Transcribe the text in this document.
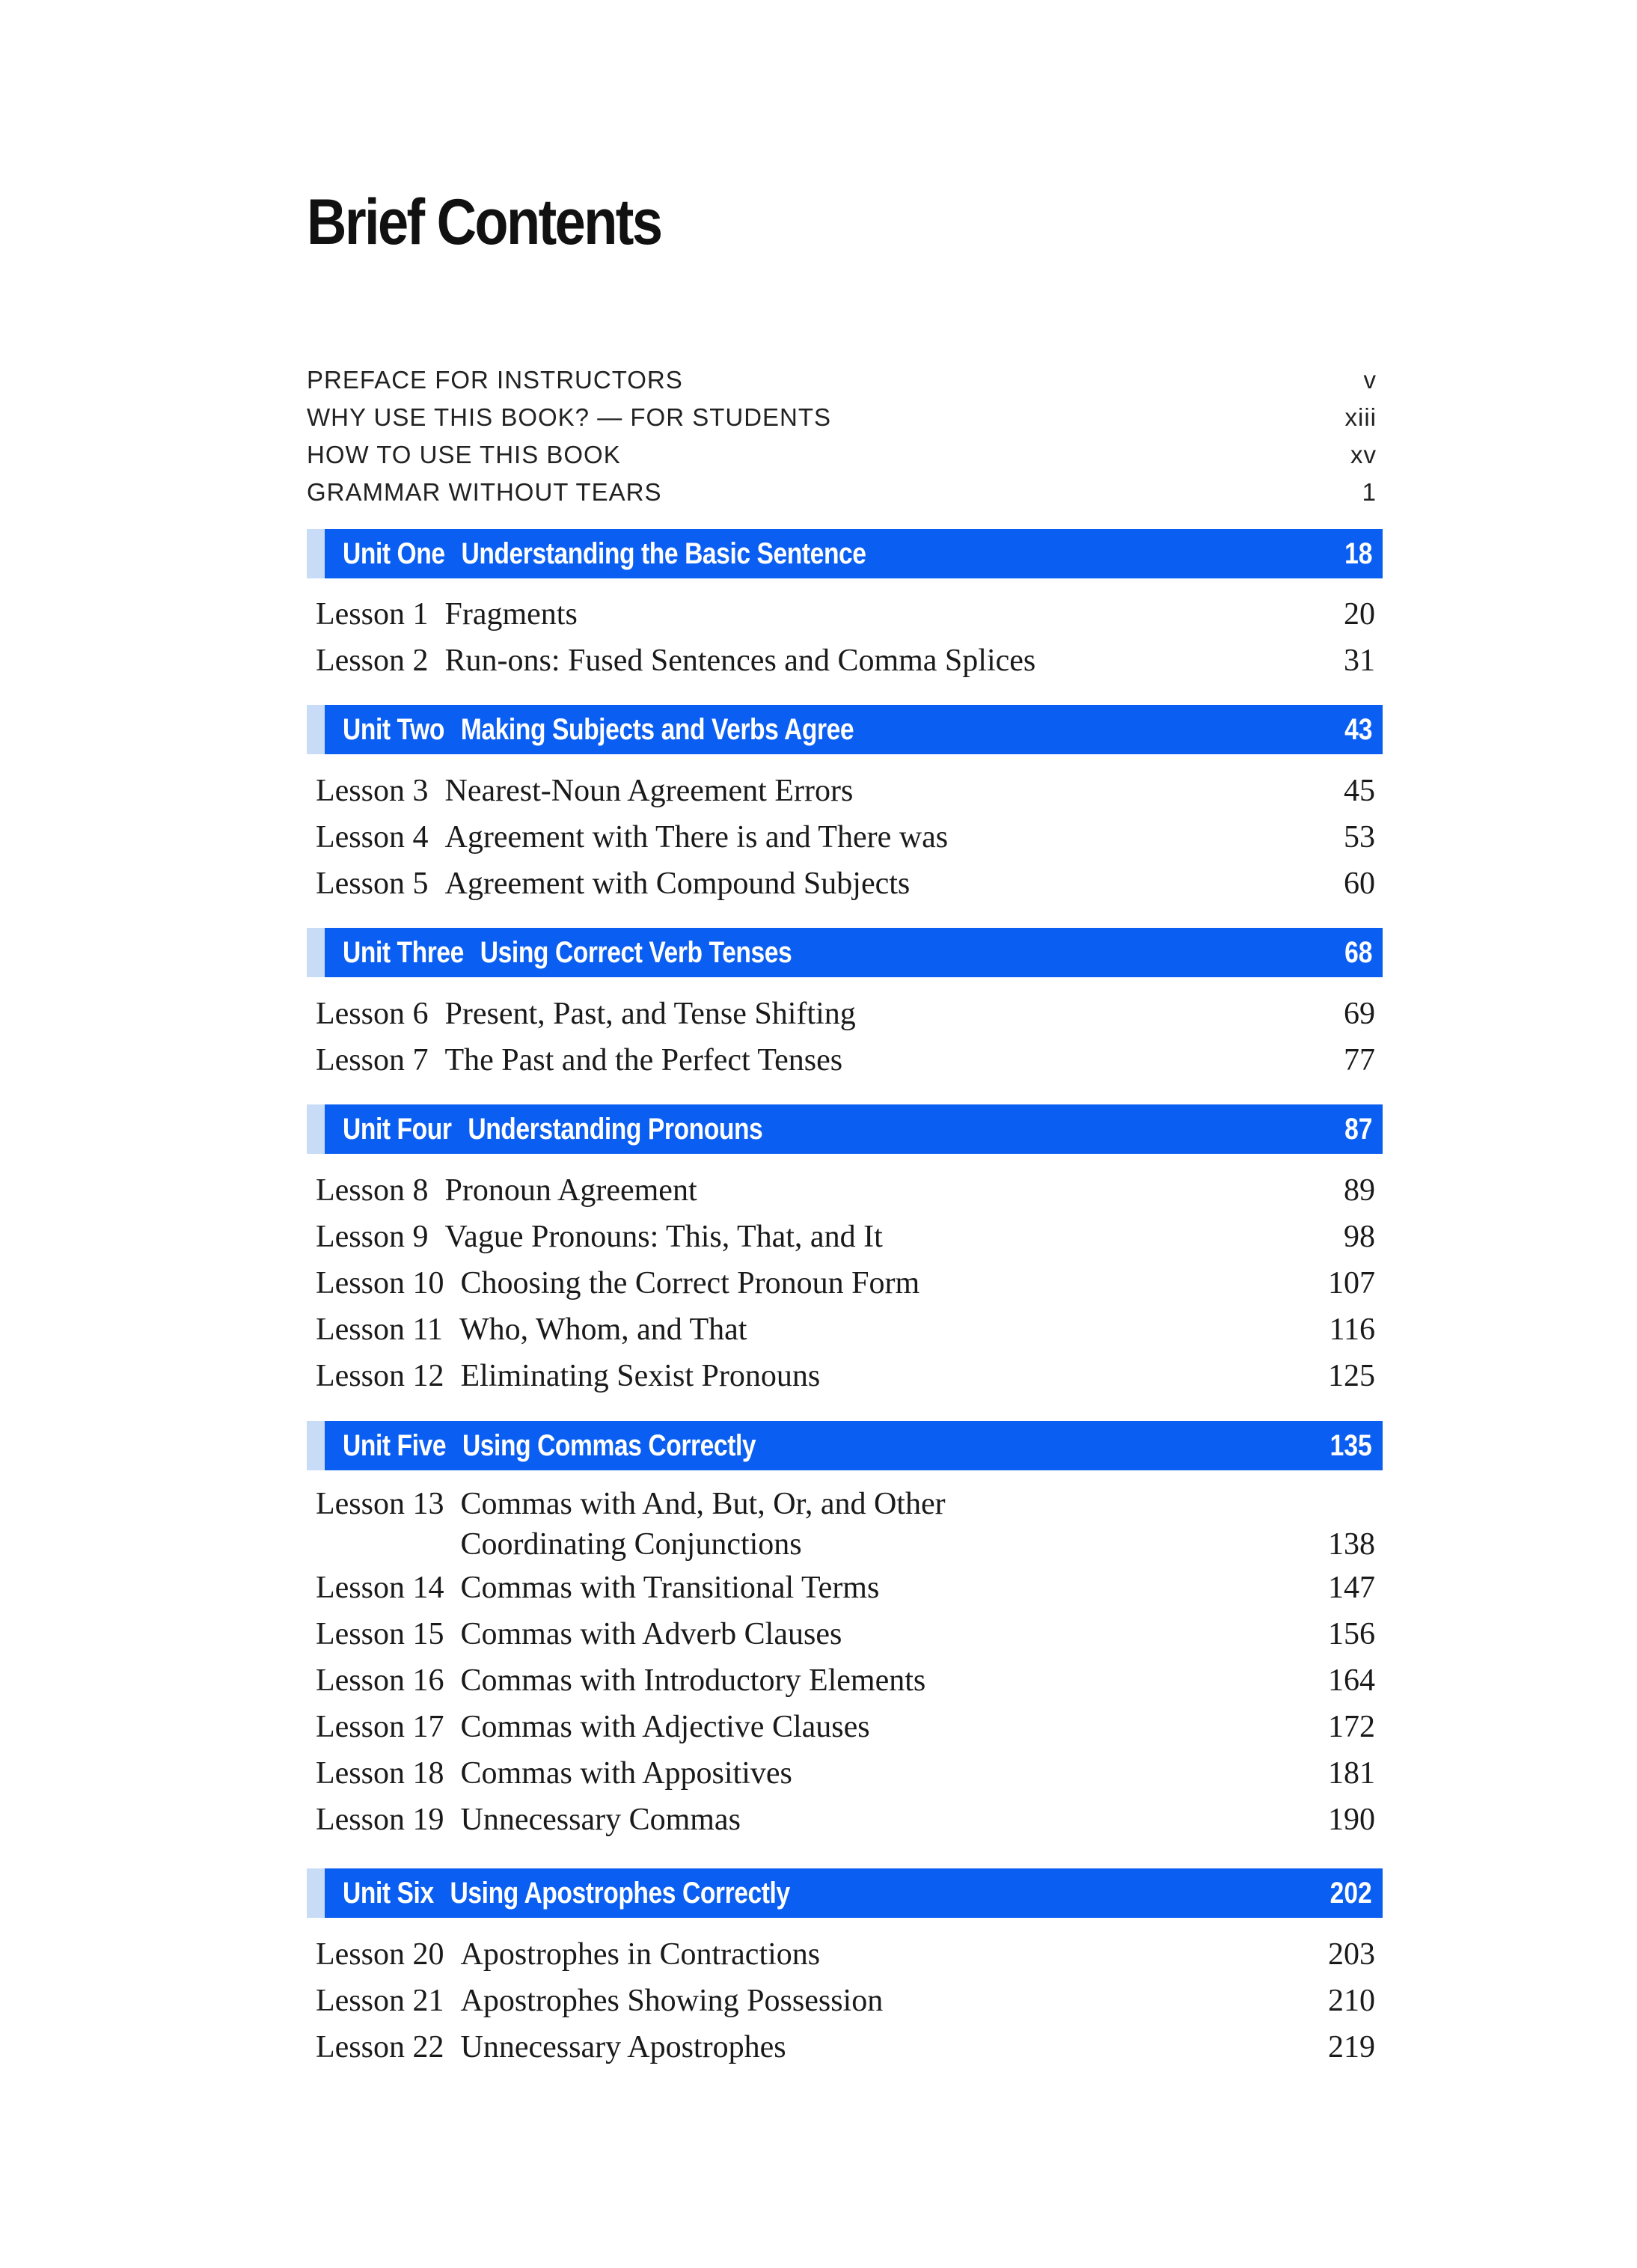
Brief Contents
PREFACE FOR INSTRUCTORS	v
WHY USE THIS BOOK? — FOR STUDENTS	xiii
HOW TO USE THIS BOOK	xv
GRAMMAR WITHOUT TEARS	1
Unit One Understanding the Basic Sentence	18
Lesson 1 Fragments	20
Lesson 2 Run-ons: Fused Sentences and Comma Splices	31
Unit Two Making Subjects and Verbs Agree	43
Lesson 3 Nearest-Noun Agreement Errors	45
Lesson 4 Agreement with There is and There was	53
Lesson 5 Agreement with Compound Subjects	60
Unit Three Using Correct Verb Tenses	68
Lesson 6 Present, Past, and Tense Shifting	69
Lesson 7 The Past and the Perfect Tenses	77
Unit Four Understanding Pronouns	87
Lesson 8 Pronoun Agreement	89
Lesson 9 Vague Pronouns: This, That, and It	98
Lesson 10 Choosing the Correct Pronoun Form	107
Lesson 11 Who, Whom, and That	116
Lesson 12 Eliminating Sexist Pronouns	125
Unit Five Using Commas Correctly	135
Lesson 13 Commas with And, But, Or, and Other Coordinating Conjunctions	138
Lesson 14 Commas with Transitional Terms	147
Lesson 15 Commas with Adverb Clauses	156
Lesson 16 Commas with Introductory Elements	164
Lesson 17 Commas with Adjective Clauses	172
Lesson 18 Commas with Appositives	181
Lesson 19 Unnecessary Commas	190
Unit Six Using Apostrophes Correctly	202
Lesson 20 Apostrophes in Contractions	203
Lesson 21 Apostrophes Showing Possession	210
Lesson 22 Unnecessary Apostrophes	219
